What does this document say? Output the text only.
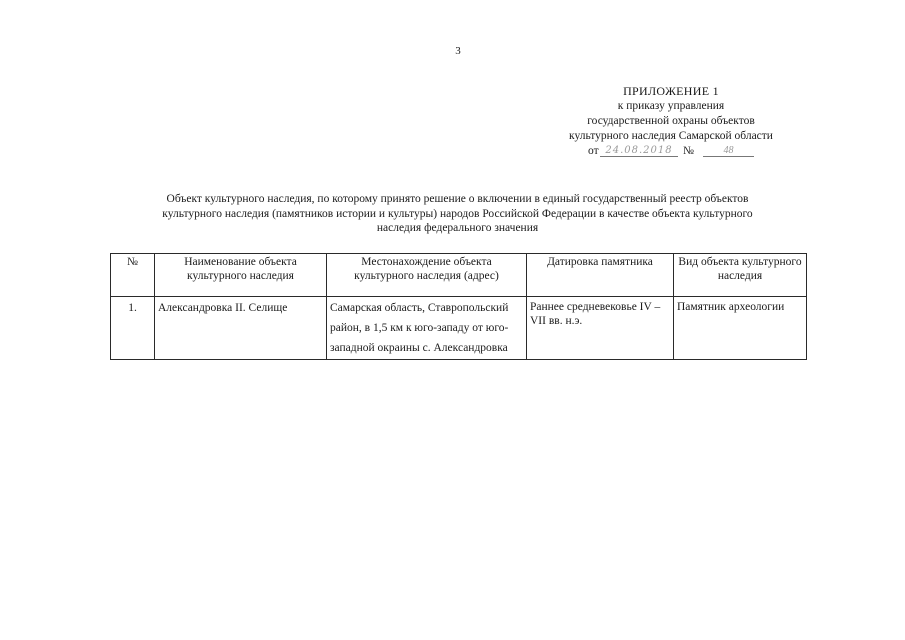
3
ПРИЛОЖЕНИЕ 1
к приказу управления
государственной охраны объектов
культурного наследия Самарской области
от 24.08.2018 №	48
Объект культурного наследия, по которому принято решение о включении в единый государственный реестр объектов
культурного наследия (памятников истории и культуры) народов Российской Федерации в качестве объекта культурного
наследия федерального значения
№	Наименование объекта культурного наследия	Местонахождение объекта культурного наследия (адрес)	Датировка памятника	Вид объекта культурного наследия
1.	Александровка II. Селище	Самарская область, Ставропольский район, в 1,5 км к юго-западу от юго-западной окраины с. Александровка	Раннее средневековье IV – VII вв. н.э.	Памятник археологии
